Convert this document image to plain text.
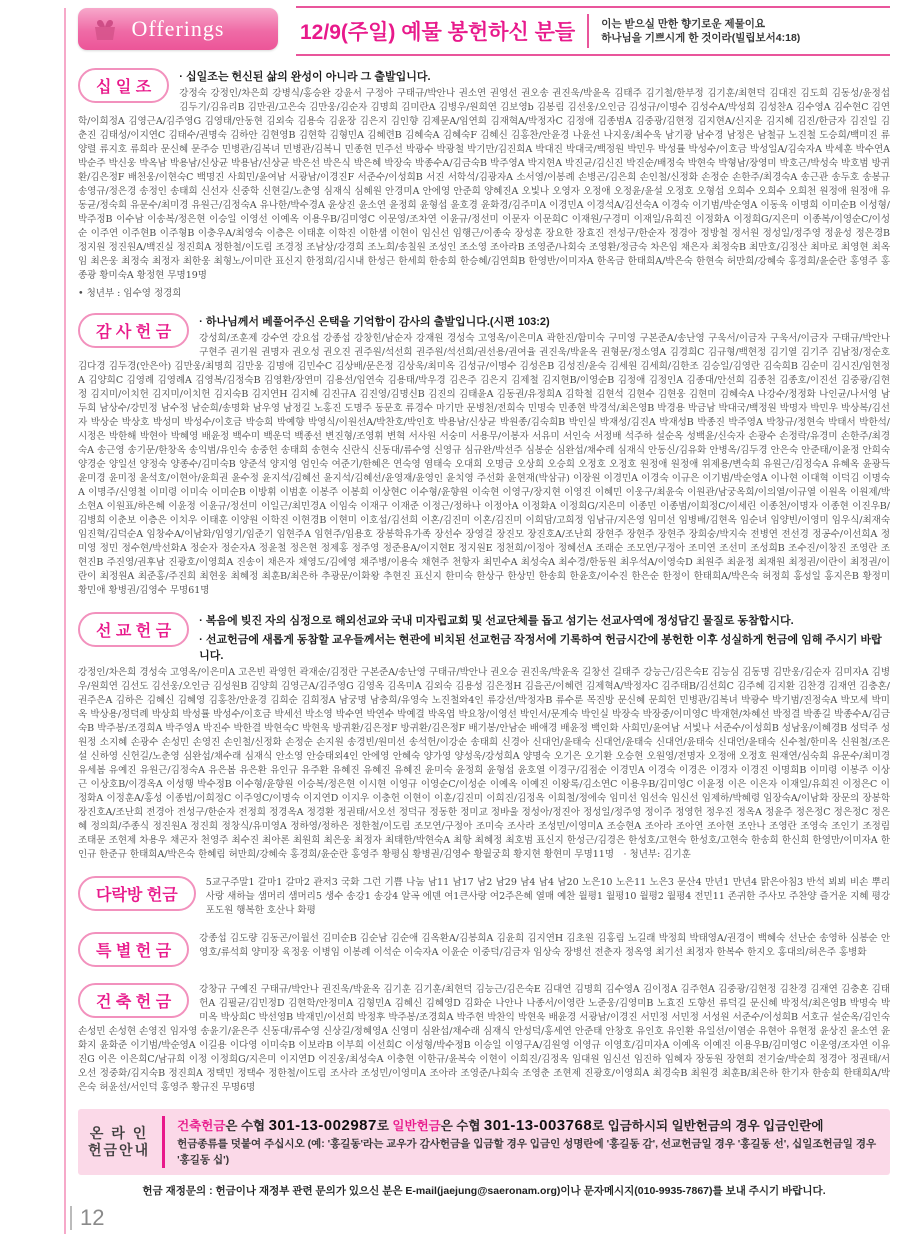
Offerings	12/9(주일) 예물 봉헌하신 분들 이는 받으실 만한 향기로운 제물이요
하나님을 기쁘시게 한 것이라(빌립보서4:18)
십 일 조
· 십일조는 헌신된 삶의 완성이 아니라 그 출발입니다.
강정숙 강정인/차은희 강병식/홍승완 강윤서 구정아 구태규/박안나 권소연 권영선 권오송 권진욱/박윤옥 김태주 김기철/한부정 김기훈/최현덕 김대진 김도희 김동성/윤정섭 김두기/김유리B 김만권/고은숙 김만웅/김순자 김명희 김미란A 김병우/원희연 김보영b 김봉림 김선웅/오인금 김성규/이명수 김성수A/박성희 김성찬A 김수영A 김수현C 김연학/이희정A 김영근A/김주영G 김영태/안동현 김외숙 김용숙 김윤장 김은지 김인향 김제문A/임연희 김재혁A/박정자C 김정애 김종범A 김중광/김현정 김지현A/신지운 김지혜 김진/한금자 김진일 김춘진 김태성/이지연C 김태수/권명숙 김하안 김현영B 김현학 김형민A 김혜련B 김혜숙A 김혜숙F 김혜신 김홍찬/안윤경 나윤선 나지웅/최수욱 남기광 남수경 남정은 남철규 노진철 도승희/백미진 류양렬 류지호 류희라 문신혜 문주승 민병관/김복녀 민병관/김복니 민종현 민주선 박광수 박광철 박기만/김진희A 박대진 박대국/백정원 박민우 박성률 박성수/이호금 박성일A/김숙자A 박세훈 박수연A 박순주 박신웅 박옥남 박용남/신상균 박용남/신상균 박은선 박은식 박은혜 박장숙 박종수A/김금숙B 박주영A 박지현A 박진균/김신진 박진순/배정숙 박현숙 박형남/장영미 박호근/박성숙 박호범 방귀환/김은정F 배천웅/이현숙C 백명진 사희민/윤여남 서광남/이경진F 서준수/이성희B 서진 서학석/김광자A 소서영/이봉례 손병곤/김은희 손인철/신정화 손정순 손한주/최경숙A 송근관 송두호 송봉규 송영규/정은경 송정인 송태희 신선자 신중학 신현길/노춘영 심재식 심혜원 안경미A 안에영 안준희 양혜진A 오빛나 오영자 오정애 오정윤/윤설 오정호 오형섭 오희수 오희수 오희천 원정애 원정애 유동균/정숙희 유문수/최미경 유원근/김정숙A 유나한/박수경A 윤상진 윤소연 윤정희 윤형섭 윤호경 윤화경/김주미A 이경민A 이경석A/김선숙A 이경숙 이기범/박순영A 이동욱 이명희 이미순B 이성형/박주정B 이수남 이송복/정은현 이승일 이영선 이예옥 이용우B/김미영C 이문영/조차연 이윤규/정선미 이문자 이문희C 이재원/구경미 이재일/유희진 이정화A 이정희G/지은미 이종복/이영순C/이성순 이주연 이주현B 이주형B 이충우A/최영숙 이층은 이태훈 이학진 이한샘 이현이 임신선 임행근/이종숙 장성훈 장요한 장효진 전성구/한순자 정경아 정방철 정서원 정성일/정주영 정윤성 정은경B 정지원 정진원A/백진실 정진희A 정한철/이도림 조경정 조남상/강경희 조노희/송칠원 조성인 조소영 조아라B 조영준/나회숙 조영환/정금숙 차은임 채은자 최정숙B 최만호/김정산 최마로 최영현 최옥임 최은웅 최정숙 최정자 최한웅 최형노/이미란 표신지 한정희/김시내 한성근 한세희 한송희 한승혜/김연희B 한영반/이미자A 한옥금 한태희A/박은숙 한현숙 허만희/강혜숙 홍경희/윤순란 홍영주 홍종광 황미숙A 황정현 무명19명
• 청년부 : 임수영 정경희
감 사 헌 금
· 하나님께서 베풀어주신 은택을 기억함이 감사의 출발입니다.(시편 103:2)
강성희/조훈제 강수연 강요섭 강종섭 강창힌/남순자 강재원 경성숙 고영옥/이은미A 곽한진/함미숙 구미영 구본준A/송난영 구욱서/이금자 구욱서/이금자 구태규/박안나 구현주 권기원 권명자 권오성 권오진 권주원/석선희 권주원/석선희/권선용/권여율 권진욱/박윤옥 권형문/정소영A 김경희C 김규형/백현정 김기열 김기주 김남정/정순호 김다경 김두경(안은아) 김만웅/최명희 김만웅 김명애 김민수C 김상배/문은정 김상욱/최미옥 김성규/이명수 김성은B 김성진/윤숙 김세원 김세희/김한조 김승일/김영란 김숙희B 김순미 김시진/임현정A 김양희C 김영례 김영례A 김영복/김정숙B 김영환/장연미 김용선/임연숙 김용태/박우경 김은주 김은지 김제철 김지현B/이영순B 김정애 김정인A 김종대/안선희 김종천 김종호/이진선 김중광/김현정 김지미/이치헌 김지미/이치헌 김지숙B 김지연H 김지혜 김진규A 김진영/김명신B 김진의 김태윤A 김동권/유정희A 김학철 김현석 김현수 김현웅 김현미 김혜숙A 나강수/정정화 나인균/나서영 남두희 남상수/강민정 남수정 남순희/송명화 남우영 남정길 노홍진 도명주 동문호 류경수 마기만 문병천/전희숙 민명숙 민종현 박경석/최은영B 박경용 박금남 박대국/백정원 박명자 박민우 박상복/김선자 박상순 박상호 박성미 박성수/이호금 박승희 박예향 박영식/이원선A/박찬호/박인호 박용남/신상균 박원종/김숙희B 박인실 박재성/김진A 박재성B 박종진 박주영A 박창규/정현숙 박태서 박한석/시정은 박한해 박현아 박혜영 배윤정 백수미 백운덕 백종선 변진형/조영휘 변혁 서사원 서숭미 서용무/이봉자 서유미 서인숙 서정배 석주하 설순옥 성백윤/신숙자 손광수 손정락/유경미 손한주/최경숙A 송근영 송기문/한창옥 송익범/유인숙 송중헌 송태희 송현숙 신란식 신동대/류수영 신영규 심규완/박선주 심봉순 심완섭/채수레 심재식 안동신/김유화 안병옥/김두경 안은숙 안준태/이윤정 안희숙 양경순 양일선 양정숙 양종수/김미숙B 양준석 양지영 엄인숙 여준기/한혜은 연숙영 염태숙 오대희 오명금 오상희 오승희 오정호 오정호 원정애 원정애 위제용/변숙희 유원근/김정숙A 유혜옥 윤광득 윤미경 윤미정 윤석호/이현아/윤희권 윤수정 윤지석/김혜선 윤지석/김혜선/윤영재/윤영인 윤치영 주선화 윤현재(박삼규) 이장원 이경민A 이경숙 이규은 이기범/박순영A 이나현 이대혁 이덕김 이명숙A 이명주/신영철 이미령 이미숙 이미순B 이방휘 이범훈 이봉주 이봉희 이상현C 이수형/윤향원 이숙현 이영구/장지현 이영진 이혜민 이웅구/최윤숙 이원관/남궁옥희/이의열/이규열 이원옥 이원제/박소현A 이원표/하은혜 이윤정 이윤규/정선미 이일근/최민경A 이임숙 이재구 이재준 이정근/정하나 이정아A 이정화A 이정희G/지은미 이종민 이종범/이희정C/이세린 이종천/이명자 이종현 이진우B/김병희 이춘보 이층은 이치우 이태훈 이양원 이학진 이현경B 이현미 이호섭/김선희 이혼/김진미 이혼/김진미 이희담/고희정 임남규/지은영 임미선 임병배/김현옥 임순녀 임양빈/이영미 임우식/최재숙 임진혁/김덕순A 임창수A/이남화/임영기/임준기 임현주A 임현주/임용호 장봉학유가족 장선수 장영걸 장진모 장진호A/조난희 장현주 장현주 장현주 장희숭/박지숙 전병연 전선경 정공수/이선희A 정미영 정민 정수현/박선화A 정순자 정순자A 정윤철 정은현 정제홍 정주영 정준용A/이지현E 정지원E 정천희/이정아 정혜선A 조래순 조모연/구정아 조미연 조선미 조성희B 조수진/이창진 조영란 조현진B 주진영/권후남 진광호/이영희A 진송이 채은자 채영도/김에영 채주병/이용숙 채현주 천항자 최민수A 최성숙A 최수경/한동원 최우석A/이영숙D 최원주 최윤정 최재원 최정권/이란이 최정권/이란이 최정원A 최준홍/주진희 최현웅 최혜정 최훈B/최은하 추광문/이화왕 추현진 표신지 한미숙 한상구 한상민 한송희 한윤호/이수진 한은순 한정이 한태희A/박은숙 허정희 홍성일 홍지은B 황정미 황민애 황병권/김영수 무명61명
선 교 헌 금
· 복음에 빚진 자의 심정으로 해외선교와 국내 미자립교회 및 선교단체를 돕고 섬기는 선교사역에 정성담긴 물질로 동참합시다.
· 선교헌금에 새롭게 동참할 교우들께서는 현관에 비치된 선교헌금 작정서에 기록하여 헌금시간에 봉헌한 이후 성실하게 헌금에 임해 주시기 바랍니다.
강정인/차은희 경성숙 고영옥/이은미A 고은빈 곽영헌 곽재순/김정란 구본준A/송난영 구태규/박안나 권오승 권진욱/박윤옥 길창선 길태주 강능근/김은숙E 김능심 김동명 김만웅/김순자 김미자A 김병우/원희연 김선도 김선웅/오인금 김성원B 김양희 김영근A/김주영G 김영옥 김옥미A 김외숙 김용성 김은정H 김을곤/이혜련 김제혁A/박정자C 김주태B/김선희C 김주혜 김지환 김찬경 김재연 김충혼/권주은A 김하은 김혜신 김혜영 김홍찬/안윤경 김희순 김희정A 남궁명 남충희/유영숙 노진철와4인 류강선/박정자B 류수룬 목진방 문신혜 문희헌 민병관/김복녀 박광수 박기범/진정숙A 박모세 박미옥 박상용/정덕례 박상희 박성률 박성수/이호금 박세선 박소영 박수연 박연수 박예결 박옥엽 박요창/이영선 박인서/문계숙 박인실 박장숙 박장중/이미영C 박재현/차혜선 박정결 박종길 박종수A/김금숙B 박주봉/조경희A 박주영A 박진수 박한결 박현숙C 박현욱 방귀환/김은정F 방귀환/김은정F 배기봉/안남순 배애경 배윤정 백인화 사희민/윤여남 서빛나 서준수/이성희B 성남웅/이혜경B 성덕주 성원정 소지혜 손광수 손성민 손영진 손인철/신정화 손정순 손지원 송경빈/원미선 송석헌/이강순 송태희 신경아 신대언/윤태숙 신대언/윤태숙 신대언/윤태숙 신대언/윤태숙 신수철/한미옥 신원철/조은설 신하영 신헌길/노춘영 심완섭/채수래 심재식 안소영 안승태외4인 안에영 안혜숙 양가영 양성욱/강성희A 양명숙 오기은 오기환 오승현 오원영/전명자 오정애 오정호 원재연/심숙희 유문수/최미경 유세봄 유예진 유원근/김정숙A 유은봄 유은환 유인규 유주환 유혜진 유혜진 유혜진 윤미숙 윤정희 윤형섭 윤호열 이경구/김점순 이경민A 이경숙 이경은 이경자 이경진 이명희B 이미령 이봉주 이상근 이상호B/이경옥A 이성행 박수정B 이수형/윤향원 이승복/정은현 이시현 이영규 이영순C/이성순 이예옥 이예진 이왕록/김소연C 이용우B/김미영C 이윤정 이은 이은자 이재일/유희진 이정은C 이정화A 이정훈A/홍성 이종법/이희정C 이주영C/이명숙 이지연D 이지우 이충헌 이현이 이훈/김진미 이희진/김정옥 이희철/정에숙 임미선 임선숙 임신선 임제하/박혜령 임장숙A/이남화 장문의 장봉학 장진호A/조난희 전경아 전성구/한순자 전정희 정경옥A 정경환 정권태/서오선 정덕규 정동한 정미교 정바울 정성아/정진아 정성일/정주영 정이주 정영헌 정우진 정옥A 정윤주 정은정C 정은정C 정은혜 정의희/주종식 정진원A 정진희 정창식/유미영A 정하영/정하은 정한철/이도림 조모연/구정아 조미숙 조사라 조성민/이영미A 조승현A 조아라 조아연 조아현 조안나 조영란 조영숙 조인기 조정림 조태문 조현제 차용우 채곤자 천영주 최수진 최아론 최원희 최은웅 최정자 최태한/박현숙A 최항 최혜정 최호범 표신지 한성근/김경은 한성호/고현숙 한성호/고현숙 한송희 한신희 한영만/이미자A 한인규 한준규 한태희A/박은숙 한혜림 허만희/강혜숙 홍경희/윤순란 홍영주 황평심 황병권/김영수 황월궁희 황지현 황현미 무명11명　· 청년부: 김기훈
다락방 헌금
5교구주말1 갈마1 갈마2 관저3 국화 그런 기쁨 나눔 남11 남17 남2 남29 남4 남4 남20 노은10 노은11 노은3 문산4 만년1 만년4 맑은아침3 반석 뵈뵈 비손 뿌리 사랑 새하늘 샘머리 샘머리5 생수 송강1 송강4 알곡 에덴 여1큰사랑 여2주은혜 열매 예찬 월평1 월평10 월평2 월평4 전민11 존귀한 주사모 주찬양 즐거운 지혜 평강 포도원 행복한 호산나 화평
특 별 헌 금
강종섭 김도량 김동곤/이월선 김미순B 김순남 김순애 김옥환A/김봉희A 김윤희 김지연H 김초원 김홍림 노길래 박정희 박태영A/권경이 백혜숙 선난순 송영하 심봉순 안영호/류석희 양미장 육정웅 이병임 이봉례 이석순 이숙자A 이윤순 이중덕/김금자 임상숙 장병선 전춘자 정옥영 최기선 최정자 한복수 한지오 홍대의/허은주 홍병화
건 축 헌 금
강창규 구예진 구태규/박안나 권진욱/박윤옥 김기훈 김기훈/최현덕 김능근/김은숙E 김대연 김명희 김수영A 김이정A 김주현A 김중광/김현정 김찬경 김재연 김충혼 김태헌A 김필균/김민정D 김현학/안정미A 김형민A 김혜신 김혜영D 김화순 나안나 나종서/이영란 노준웅/김영미B 노효진 도향선 류덕길 문신혜 박정석/최은영B 박명숙 박미옥 박상희C 박선영B 박재민/이선희 박정후 박주봉/조경희A 박주현 박찬익 박현욱 배윤경 서광남/이경진 서민정 서민정 서성원 서준수/이성희B 서호규 설순옥/김인숙 손성민 손성현 손영진 임자영 송윤기/윤은주 신동대/류수영 신상길/정혜영A 신영미 심완섭/채수래 심재식 안성덕/홍세연 안준태 안창호 유인호 유인환 유일선/이염순 유현아 유현정 윤상진 윤소연 윤화지 윤화준 이기범/박순영A 이길용 이다영 이미숙B 이보라B 이부희 이선희C 이성형/박수정B 이승일 이영구A/김원영 이영규 이영호/김미자A 이예옥 이예진 이용우B/김미영C 이운영/조자연 이유진G 이은 이은희C/남규희 이정 이정희G/지은미 이지연D 이진웅/최성숙A 이충현 이한규/윤복숙 이현이 이희진/김정옥 임대원 임신선 임진하 임혜자 장동원 장현희 전기술/박순희 정경아 정권태/서오선 정중화/김지숙B 정진희A 정택민 정택수 정한철/이도림 조사라 조성민/이영미A 조아라 조영준/나희숙 조영춘 조현제 진광호/이영희A 최경숙B 최원경 최훈B/최은하 한기자 한송희 한태희A/박은숙 허윤선/서인덕 홍영주 황규진 무명6명
온 라 인
헌금안내
건축헌금은 수협 301-13-002987로 일반헌금은 수협 301-13-003768로 입금하시되 일반헌금의 경우 입금인란에
헌금종류를 덧붙여 주십시오 (예: '홍길동'라는 교우가 감사헌금을 입금할 경우 입금인 성명란에 '홍길동 감', 선교헌금일 경우 '홍길동 선', 십일조헌금일 경우 '홍길동 십')
헌금 재정문의 : 헌금이나 재정부 관련 문의가 있으신 분은 E-mail(jaejung@saeronam.org)이나 문자메시지(010-9935-7867)를 보내 주시기 바랍니다.
12
